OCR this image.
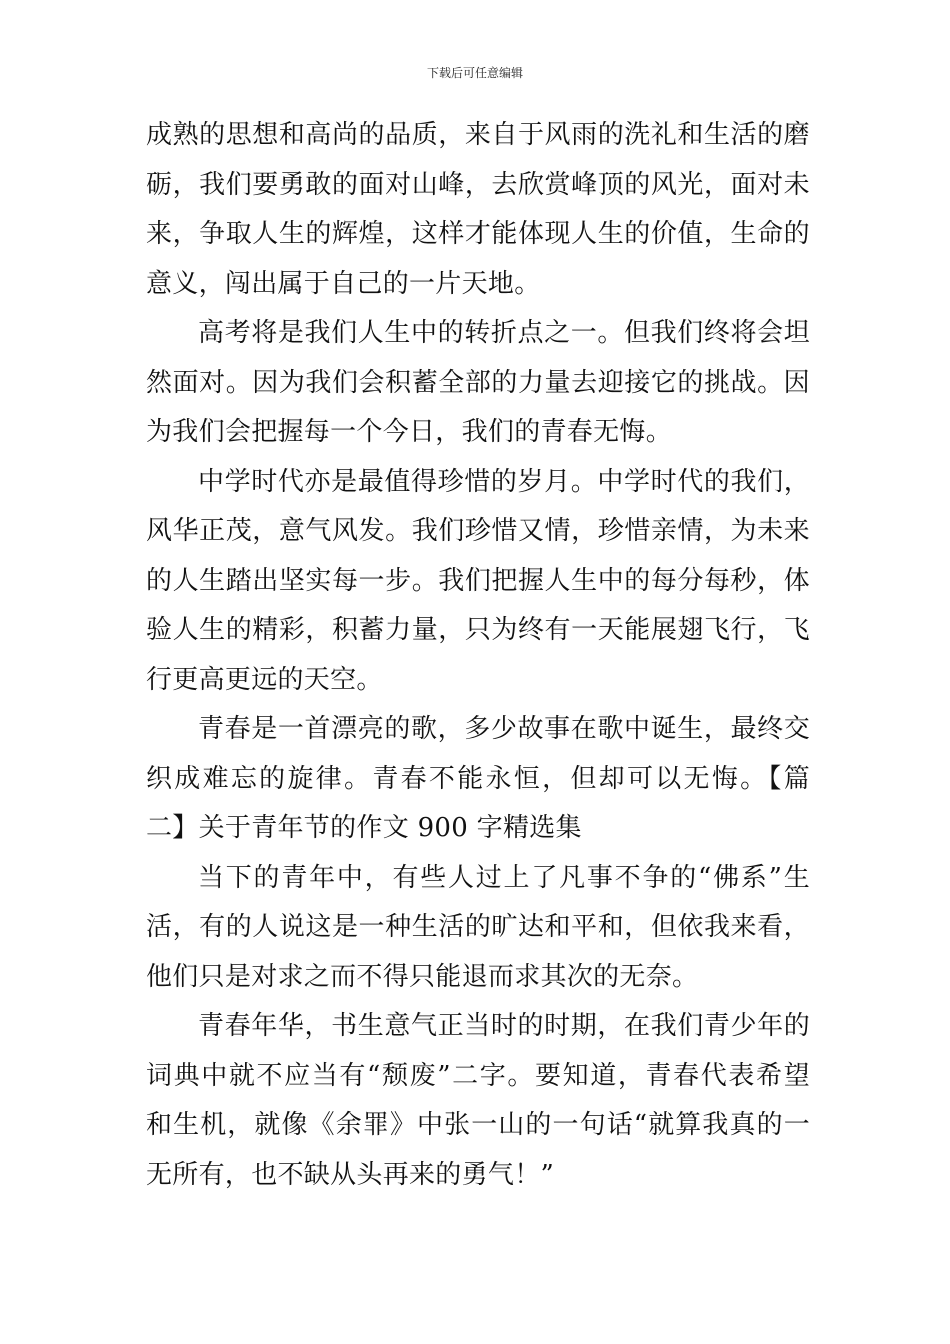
下载后可任意编辑
成熟的思想和高尚的品质，来自于风雨的洗礼和生活的磨
砺，我们要勇敢的面对山峰，去欣赏峰顶的风光，面对未
来，争取人生的辉煌，这样才能体现人生的价值，生命的
意义，闯出属于自己的一片天地。
高考将是我们人生中的转折点之一。但我们终将会坦
然面对。因为我们会积蓄全部的力量去迎接它的挑战。因
为我们会把握每一个今日，我们的青春无悔。
中学时代亦是最值得珍惜的岁月。中学时代的我们，
风华正茂，意气风发。我们珍惜又情，珍惜亲情，为未来
的人生踏出坚实每一步。我们把握人生中的每分每秒，体
验人生的精彩，积蓄力量，只为终有一天能展翅飞行，飞
行更高更远的天空。
青春是一首漂亮的歌，多少故事在歌中诞生，最终交
织成难忘的旋律。青春不能永恒，但却可以无悔。【篇
二】关于青年节的作文 900 字精选集
当下的青年中，有些人过上了凡事不争的“佛系”生
活，有的人说这是一种生活的旷达和平和，但依我来看，
他们只是对求之而不得只能退而求其次的无奈。
青春年华，书生意气正当时的时期，在我们青少年的
词典中就不应当有“颓废”二字。要知道，青春代表希望
和生机，就像《余罪》中张一山的一句话“就算我真的一
无所有，也不缺从头再来的勇气！”
